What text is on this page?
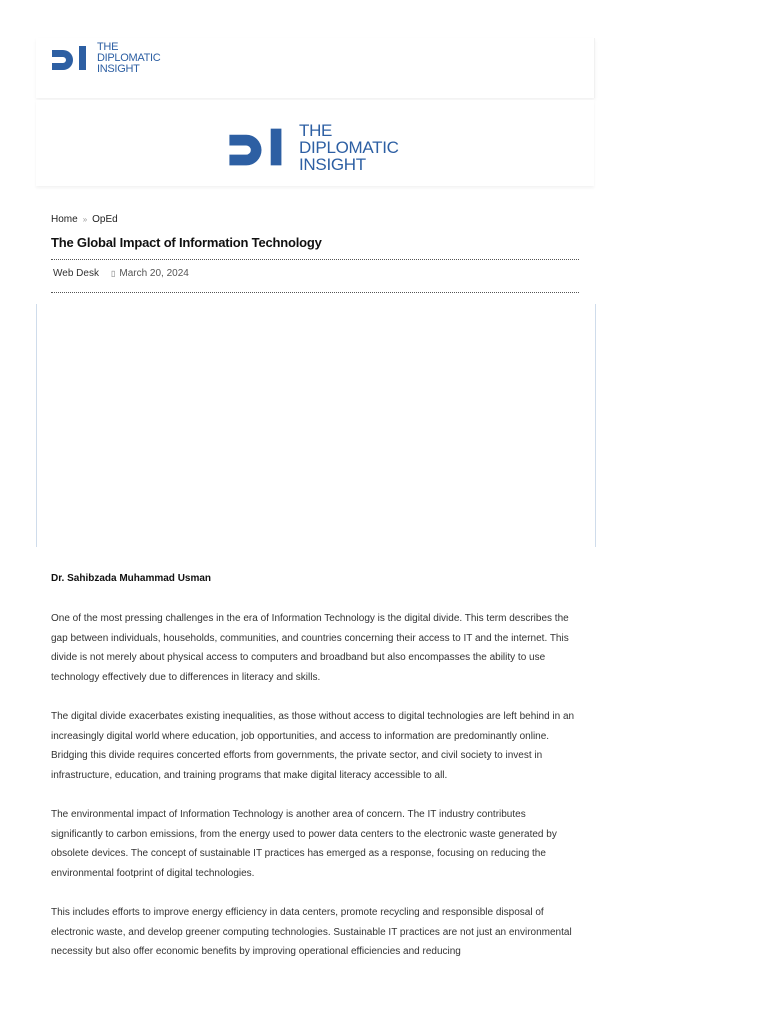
THE
DIPLOMATIC
INSIGHT
THE
DIPLOMATIC
INSIGHT
Home » OpEd
The Global Impact of Information Technology
Web Desk ▯ March 20, 2024
Dr. Sahibzada Muhammad Usman

One of the most pressing challenges in the era of Information Technology is the digital divide. This term describes the gap between individuals, households, communities, and countries concerning their access to IT and the internet. This divide is not merely about physical access to computers and broadband but also encompasses the ability to use technology effectively due to differences in literacy and skills.

The digital divide exacerbates existing inequalities, as those without access to digital technologies are left behind in an increasingly digital world where education, job opportunities, and access to information are predominantly online. Bridging this divide requires concerted efforts from governments, the private sector, and civil society to invest in infrastructure, education, and training programs that make digital literacy accessible to all.

The environmental impact of Information Technology is another area of concern. The IT industry contributes significantly to carbon emissions, from the energy used to power data centers to the electronic waste generated by obsolete devices. The concept of sustainable IT practices has emerged as a response, focusing on reducing the environmental footprint of digital technologies.

This includes efforts to improve energy efficiency in data centers, promote recycling and responsible disposal of electronic waste, and develop greener computing technologies. Sustainable IT practices are not just an environmental necessity but also offer economic benefits by improving operational efficiencies and reducing
